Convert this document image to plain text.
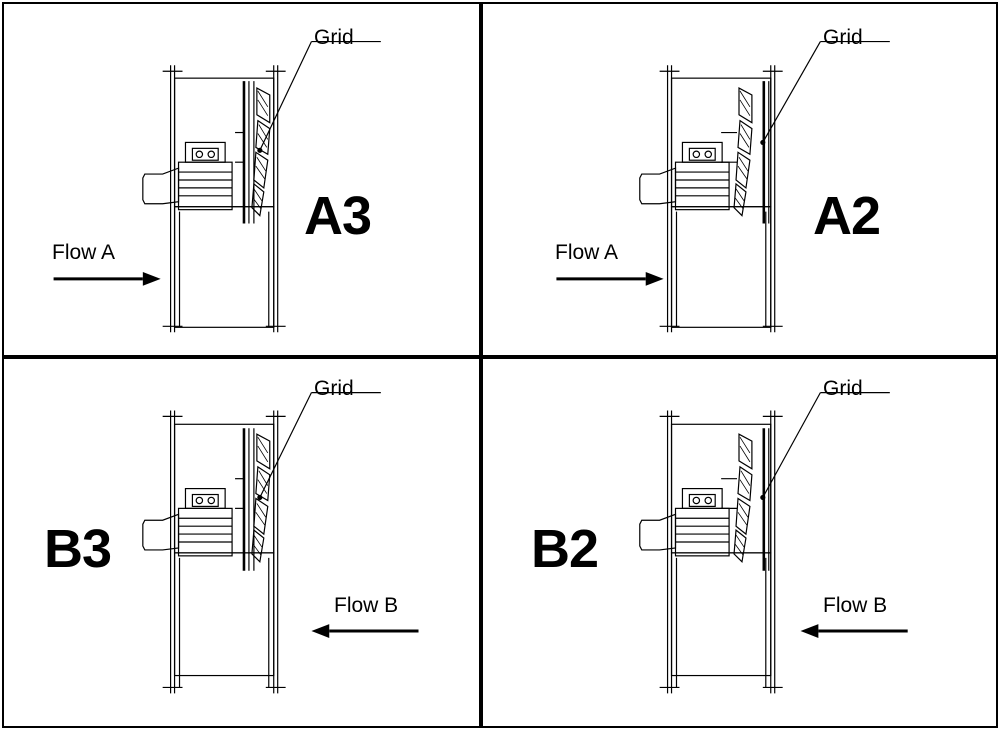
Grid
Flow A
A3
Grid
Flow A
A2
Grid
Flow B
B3
Grid
Flow B
B2
